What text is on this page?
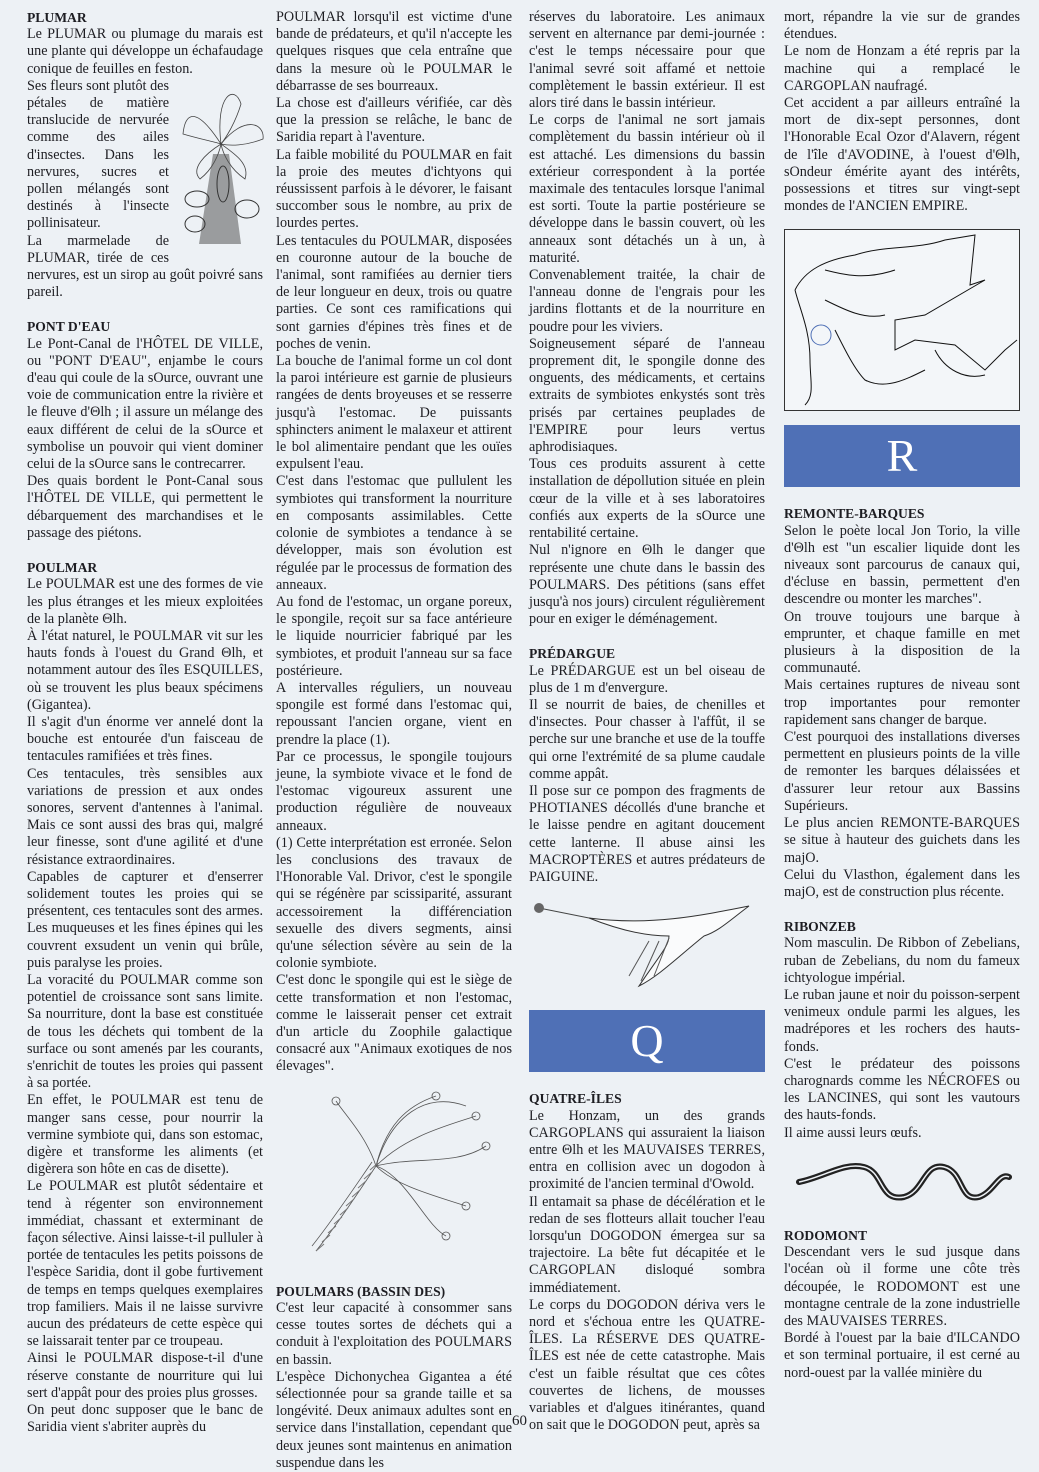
PLUMAR

Le PLUMAR ou plumage du marais est une plante qui développe un échafaudage conique de feuilles en feston.

Ses fleurs sont plutôt des pétales de matière translucide de nervurée comme des ailes d'insectes. Dans les nervures, sucres et pollen mélangés sont destinés à l'insecte pollinisateur.

La marmelade de PLUMAR, tirée de ces nervures, est un sirop au goût poivré sans pareil.

PONT D'EAU

Le Pont-Canal de l'HÔTEL DE VILLE, ou "PONT D'EAU", enjambe le cours d'eau qui coule de la sOurce, ouvrant une voie de communication entre la rivière et le fleuve d'Θlh ; il assure un mélange des eaux différent de celui de la sOurce et symbolise un pouvoir qui vient dominer celui de la sOurce sans le contrecarrer.

Des quais bordent le Pont-Canal sous l'HÔTEL DE VILLE, qui permettent le débarquement des marchandises et le passage des piétons.

POULMAR

Le POULMAR est une des formes de vie les plus étranges et les mieux exploitées de la planète Θlh.

À l'état naturel, le POULMAR vit sur les hauts fonds à l'ouest du Grand Θlh, et notamment autour des îles ESQUILLES, où se trouvent les plus beaux spécimens (Gigantea).

Il s'agit d'un énorme ver annelé dont la bouche est entourée d'un faisceau de tentacules ramifiées et très fines.

Ces tentacules, très sensibles aux variations de pression et aux ondes sonores, servent d'antennes à l'animal. Mais ce sont aussi des bras qui, malgré leur finesse, sont d'une agilité et d'une résistance extraordinaires.

Capables de capturer et d'enserrer solidement toutes les proies qui se présentent, ces tentacules sont des armes. Les muqueuses et les fines épines qui les couvrent exsudent un venin qui brûle, puis paralyse les proies.

La voracité du POULMAR comme son potentiel de croissance sont sans limite. Sa nourriture, dont la base est constituée de tous les déchets qui tombent de la surface ou sont amenés par les courants, s'enrichit de toutes les proies qui passent à sa portée.

En effet, le POULMAR est tenu de manger sans cesse, pour nourrir la vermine symbiote qui, dans son estomac, digère et transforme les aliments (et digèrera son hôte en cas de disette).

Le POULMAR est plutôt sédentaire et tend à régenter son environnement immédiat, chassant et exterminant de façon sélective. Ainsi laisse-t-il pulluler à portée de tentacules les petits poissons de l'espèce Saridia, dont il gobe furtivement de temps en temps quelques exemplaires trop familiers. Mais il ne laisse survivre aucun des prédateurs de cette espèce qui se laissarait tenter par ce troupeau.

Ainsi le POULMAR dispose-t-il d'une réserve constante de nourriture qui lui sert d'appât pour des proies plus grosses.

On peut donc supposer que le banc de Saridia vient s'abriter auprès du

POULMAR lorsqu'il est victime d'une bande de prédateurs, et qu'il n'accepte les quelques risques que cela entraîne que dans la mesure où le POULMAR le débarrasse de ses bourreaux.

La chose est d'ailleurs vérifiée, car dès que la pression se relâche, le banc de Saridia repart à l'aventure.

La faible mobilité du POULMAR en fait la proie des meutes d'ichtyons qui réussissent parfois à le dévorer, le faisant succomber sous le nombre, au prix de lourdes pertes.

Les tentacules du POULMAR, disposées en couronne autour de la bouche de l'animal, sont ramifiées au dernier tiers de leur longueur en deux, trois ou quatre parties. Ce sont ces ramifications qui sont garnies d'épines très fines et de poches de venin.

La bouche de l'animal forme un col dont la paroi intérieure est garnie de plusieurs rangées de dents broyeuses et se resserre jusqu'à l'estomac. De puissants sphincters animent le malaxeur et attirent le bol alimentaire pendant que les ouïes expulsent l'eau.

C'est dans l'estomac que pullulent les symbiotes qui transforment la nourriture en composants assimilables. Cette colonie de symbiotes a tendance à se développer, mais son évolution est régulée par le processus de formation des anneaux.

Au fond de l'estomac, un organe poreux, le spongile, reçoit sur sa face antérieure le liquide nourricier fabriqué par les symbiotes, et produit l'anneau sur sa face postérieure.

A intervalles réguliers, un nouveau spongile est formé dans l'estomac qui, repoussant l'ancien organe, vient en prendre la place (1).

Par ce processus, le spongile toujours jeune, la symbiote vivace et le fond de l'estomac vigoureux assurent une production régulière de nouveaux anneaux.

(1) Cette interprétation est erronée. Selon les conclusions des travaux de l'Honorable Val. Drivor, c'est le spongile qui se régénère par scissiparité, assurant accessoirement la différenciation sexuelle des divers segments, ainsi qu'une sélection sévère au sein de la colonie symbiote.

C'est donc le spongile qui est le siège de cette transformation et non l'estomac, comme le laisserait penser cet extrait d'un article du Zoophile galactique consacré aux "Animaux exotiques de nos élevages".

POULMARS (BASSIN DES)

C'est leur capacité à consommer sans cesse toutes sortes de déchets qui a conduit à l'exploitation des POULMARS en bassin.

L'espèce Dichonychea Gigantea a été sélectionnée pour sa grande taille et sa longévité. Deux animaux adultes sont en service dans l'installation, cependant que deux jeunes sont maintenus en animation suspendue dans les

réserves du laboratoire. Les animaux servent en alternance par demi-journée : c'est le temps nécessaire pour que l'animal sevré soit affamé et nettoie complètement le bassin extérieur. Il est alors tiré dans le bassin intérieur.

Le corps de l'animal ne sort jamais complètement du bassin intérieur où il est attaché. Les dimensions du bassin extérieur correspondent à la portée maximale des tentacules lorsque l'animal est sorti. Toute la partie postérieure se développe dans le bassin couvert, où les anneaux sont détachés un à un, à maturité.

Convenablement traitée, la chair de l'anneau donne de l'engrais pour les jardins flottants et de la nourriture en poudre pour les viviers.

Soigneusement séparé de l'anneau proprement dit, le spongile donne des onguents, des médicaments, et certains extraits de symbiotes enkystés sont très prisés par certaines peuplades de l'EMPIRE pour leurs vertus aphrodisiaques.

Tous ces produits assurent à cette installation de dépollution située en plein cœur de la ville et à ses laboratoires confiés aux experts de la sOurce une rentabilité certaine.

Nul n'ignore en Θlh le danger que représente une chute dans le bassin des POULMARS. Des pétitions (sans effet jusqu'à nos jours) circulent régulièrement pour en exiger le déménagement.

PRÉDARGUE

Le PRÉDARGUE est un bel oiseau de plus de 1 m d'envergure.

Il se nourrit de baies, de chenilles et d'insectes. Pour chasser à l'affût, il se perche sur une branche et use de la touffe qui orne l'extrémité de sa plume caudale comme appât.

Il pose sur ce pompon des fragments de PHOTIANES décollés d'une branche et le laisse pendre en agitant doucement cette lanterne. Il abuse ainsi les MACROPTÈRES et autres prédateurs de PAIGUINE.

Q
QUATRE-ÎLES

Le Honzam, un des grands CARGOPLANS qui assuraient la liaison entre Θlh et les MAUVAISES TERRES, entra en collision avec un dogodon à proximité de l'ancien terminal d'Owold.

Il entamait sa phase de décélération et le redan de ses flotteurs allait toucher l'eau lorsqu'un DOGODON émergea sur sa trajectoire. La bête fut décapitée et le CARGOPLAN disloqué sombra immédiatement.

Le corps du DOGODON dériva vers le nord et s'échoua entre les QUATRE-ÎLES. La RÉSERVE DES QUATRE- ÎLES est née de cette catastrophe. Mais c'est un faible résultat que ces côtes couvertes de lichens, de mousses variables et d'algues itinérantes, quand on sait que le DOGODON peut, après sa

mort, répandre la vie sur de grandes étendues.

Le nom de Honzam a été repris par la machine qui a remplacé le CARGOPLAN naufragé.

Cet accident a par ailleurs entraîné la mort de dix-sept personnes, dont l'Honorable Ecal Ozor d'Alavern, régent de l'île d'AVODINE, à l'ouest d'Θlh, sOndeur émérite ayant des intérêts, possessions et titres sur vingt-sept mondes de l'ANCIEN EMPIRE.

R
REMONTE-BARQUES

Selon le poète local Jon Torio, la ville d'Θlh est "un escalier liquide dont les niveaux sont parcourus de canaux qui, d'écluse en bassin, permettent d'en descendre ou monter les marches".

On trouve toujours une barque à emprunter, et chaque famille en met plusieurs à la disposition de la communauté.

Mais certaines ruptures de niveau sont trop importantes pour remonter rapidement sans changer de barque.

C'est pourquoi des installations diverses permettent en plusieurs points de la ville de remonter les barques délaissées et d'assurer leur retour aux Bassins Supérieurs.

Le plus ancien REMONTE-BARQUES se situe à hauteur des guichets dans les majO.

Celui du Vlasthon, également dans les majO, est de construction plus récente.

RIBONZEB

Nom masculin. De Ribbon of Zebelians, ruban de Zebelians, du nom du fameux ichtyologue impérial.

Le ruban jaune et noir du poisson-serpent venimeux ondule parmi les algues, les madrépores et les rochers des hauts-fonds.

C'est le prédateur des poissons charognards comme les NÉCROFES ou les LANCINES, qui sont les vautours des hauts-fonds.

Il aime aussi leurs œufs.

RODOMONT

Descendant vers le sud jusque dans l'océan où il forme une côte très découpée, le RODOMONT est une montagne centrale de la zone industrielle des MAUVAISES TERRES.

Bordé à l'ouest par la baie d'ILCANDO et son terminal portuaire, il est cerné au nord-ouest par la vallée minière du

60
